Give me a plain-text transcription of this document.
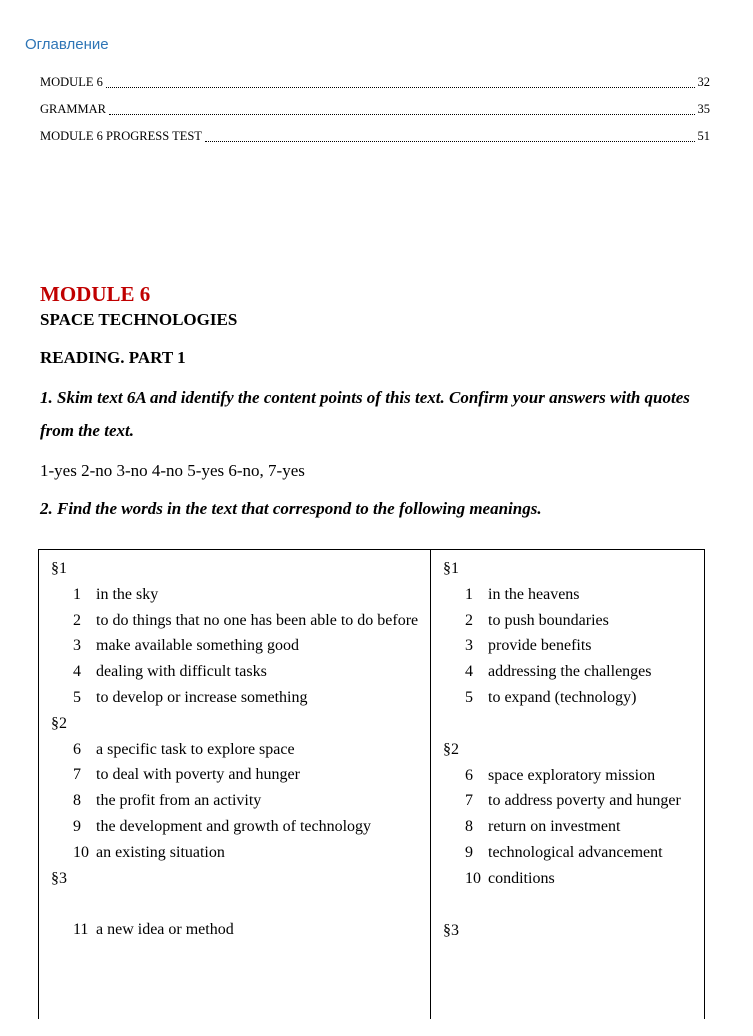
Оглавление
MODULE 6	32
GRAMMAR	35
MODULE 6 PROGRESS TEST	51
MODULE 6
SPACE TECHNOLOGIES
READING. PART 1
1. Skim text 6A and identify the content points of this text. Confirm your answers with quotes from the text.
1-yes 2-no 3-no 4-no 5-yes 6-no, 7-yes
2. Find the words in the text that correspond to the following meanings.
§1
1 in the sky
2 to do things that no one has been able to do before
3 make available something good
4 dealing with difficult tasks
5 to develop or increase something
§2
6 a specific task to explore space
7 to deal with poverty and hunger
8 the profit from an activity
9 the development and growth of technology
10 an existing situation
§3
11 a new idea or method
§1
1 in the heavens
2 to push boundaries
3 provide benefits
4 addressing the challenges
5 to expand (technology)
§2
6 space exploratory mission
7 to address poverty and hunger
8 return on investment
9 technological advancement
10 conditions
§3
